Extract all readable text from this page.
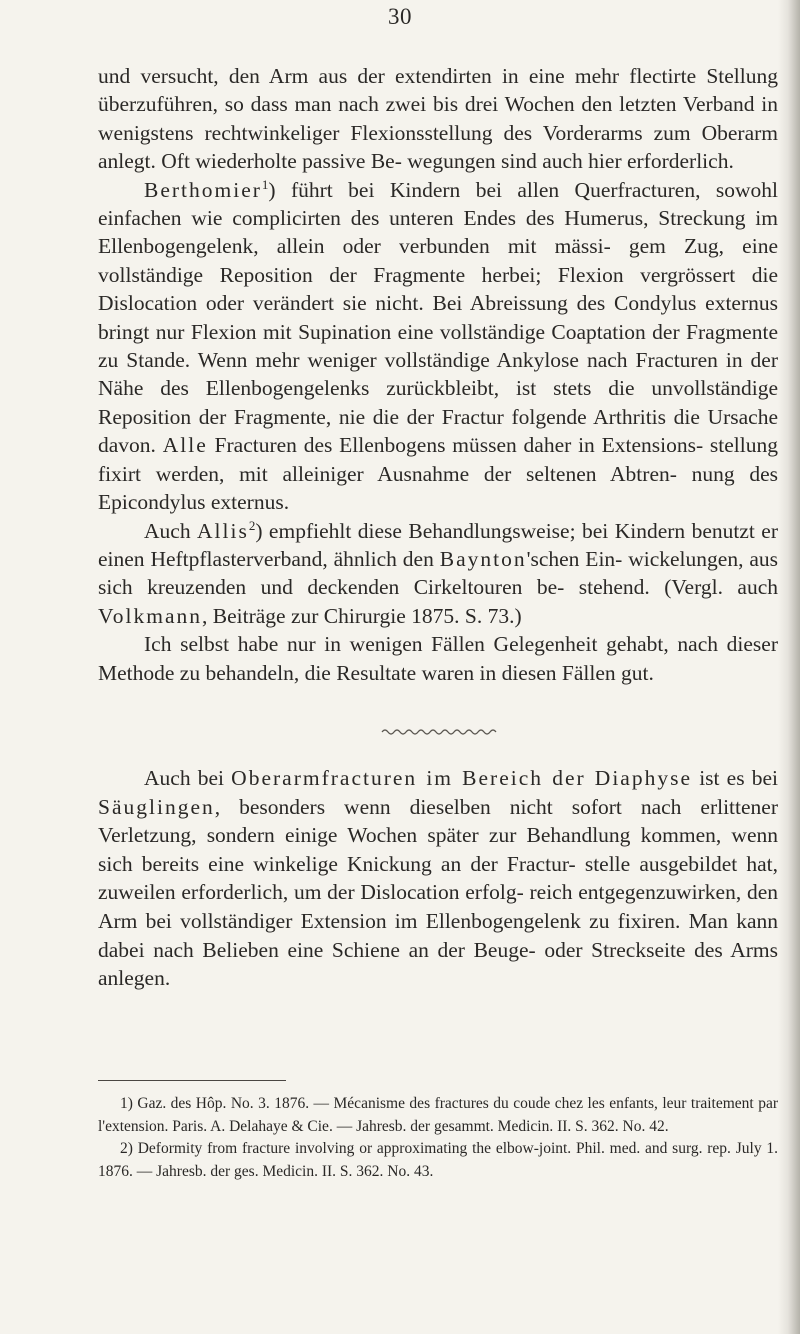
30

und versucht, den Arm aus der extendirten in eine mehr flectirte Stellung überzuführen, so dass man nach zwei bis drei Wochen den letzten Verband in wenigstens rechtwinkeliger Flexionsstellung des Vorderarms zum Oberarm anlegt. Oft wiederholte passive Be- wegungen sind auch hier erforderlich.

Berthomier$^1$) führt bei Kindern bei allen Querfracturen, sowohl einfachen wie complicirten des unteren Endes des Humerus, Streckung im Ellenbogengelenk, allein oder verbunden mit mässi- gem Zug, eine vollständige Reposition der Fragmente herbei; Flexion vergrössert die Dislocation oder verändert sie nicht. Bei Abreissung des Condylus externus bringt nur Flexion mit Supination eine vollständige Coaptation der Fragmente zu Stande. Wenn mehr weniger vollständige Ankylose nach Fracturen in der Nähe des Ellenbogengelenks zurückbleibt, ist stets die unvollständige Reposition der Fragmente, nie die der Fractur folgende Arthritis die Ursache davon. Alle Fracturen des Ellenbogens müssen daher in Extensions- stellung fixirt werden, mit alleiniger Ausnahme der seltenen Abtren- nung des Epicondylus externus.

Auch Allis$^2$) empfiehlt diese Behandlungsweise; bei Kindern benutzt er einen Heftpflasterverband, ähnlich den Baynton'schen Ein- wickelungen, aus sich kreuzenden und deckenden Cirkeltouren be- stehend. (Vergl. auch Volkmann, Beiträge zur Chirurgie 1875. S. 73.)

Ich selbst habe nur in wenigen Fällen Gelegenheit gehabt, nach dieser Methode zu behandeln, die Resultate waren in diesen Fällen gut.

Auch bei Oberarmfracturen im Bereich der Diaphyse ist es bei Säuglingen, besonders wenn dieselben nicht sofort nach erlittener Verletzung, sondern einige Wochen später zur Behandlung kommen, wenn sich bereits eine winkelige Knickung an der Fractur- stelle ausgebildet hat, zuweilen erforderlich, um der Dislocation erfolg- reich entgegenzuwirken, den Arm bei vollständiger Extension im Ellenbogengelenk zu fixiren. Man kann dabei nach Belieben eine Schiene an der Beuge- oder Streckseite des Arms anlegen.

1) Gaz. des Hôp. No. 3. 1876. — Mécanisme des fractures du coude chez les enfants, leur traitement par l'extension. Paris. A. Delahaye & Cie. — Jahresb. der gesammt. Medicin. II. S. 362. No. 42.

2) Deformity from fracture involving or approximating the elbow-joint. Phil. med. and surg. rep. July 1. 1876. — Jahresb. der ges. Medicin. II. S. 362. No. 43.
